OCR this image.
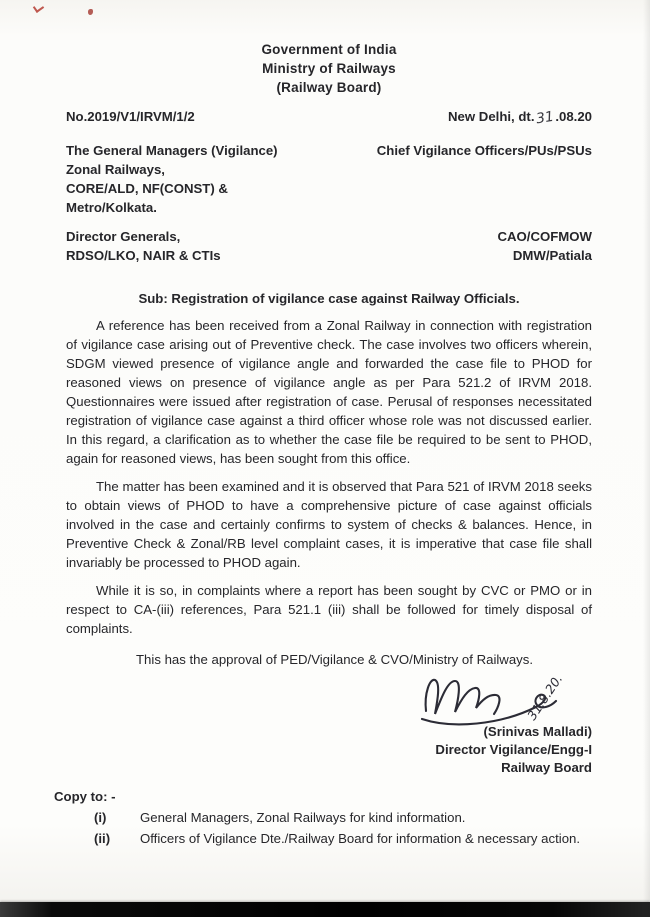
Government of India
Ministry of Railways
(Railway Board)
No.2019/V1/IRVM/1/2	New Delhi, dt.31.08.20
The General Managers (Vigilance)
Zonal Railways,
CORE/ALD, NF(CONST) &
Metro/Kolkata.
Chief Vigilance Officers/PUs/PSUs
Director Generals,
RDSO/LKO, NAIR & CTIs
CAO/COFMOW
DMW/Patiala
Sub: Registration of vigilance case against Railway Officials.

A reference has been received from a Zonal Railway in connection with registration of vigilance case arising out of Preventive check. The case involves two officers wherein, SDGM viewed presence of vigilance angle and forwarded the case file to PHOD for reasoned views on presence of vigilance angle as per Para 521.2 of IRVM 2018. Questionnaires were issued after registration of case. Perusal of responses necessitated registration of vigilance case against a third officer whose role was not discussed earlier. In this regard, a clarification as to whether the case file be required to be sent to PHOD, again for reasoned views, has been sought from this office.

The matter has been examined and it is observed that Para 521 of IRVM 2018 seeks to obtain views of PHOD to have a comprehensive picture of case against officials involved in the case and certainly confirms to system of checks & balances. Hence, in Preventive Check & Zonal/RB level complaint cases, it is imperative that case file shall invariably be processed to PHOD again.

While it is so, in complaints where a report has been sought by CVC or PMO or in respect to CA-(iii) references, Para 521.1 (iii) shall be followed for timely disposal of complaints.

This has the approval of PED/Vigilance & CVO/Ministry of Railways.
31.8.20.
(Srinivas Malladi)
Director Vigilance/Engg-I
Railway Board
Copy to: -
(i)	General Managers, Zonal Railways for kind information.
(ii)	Officers of Vigilance Dte./Railway Board for information & necessary action.
